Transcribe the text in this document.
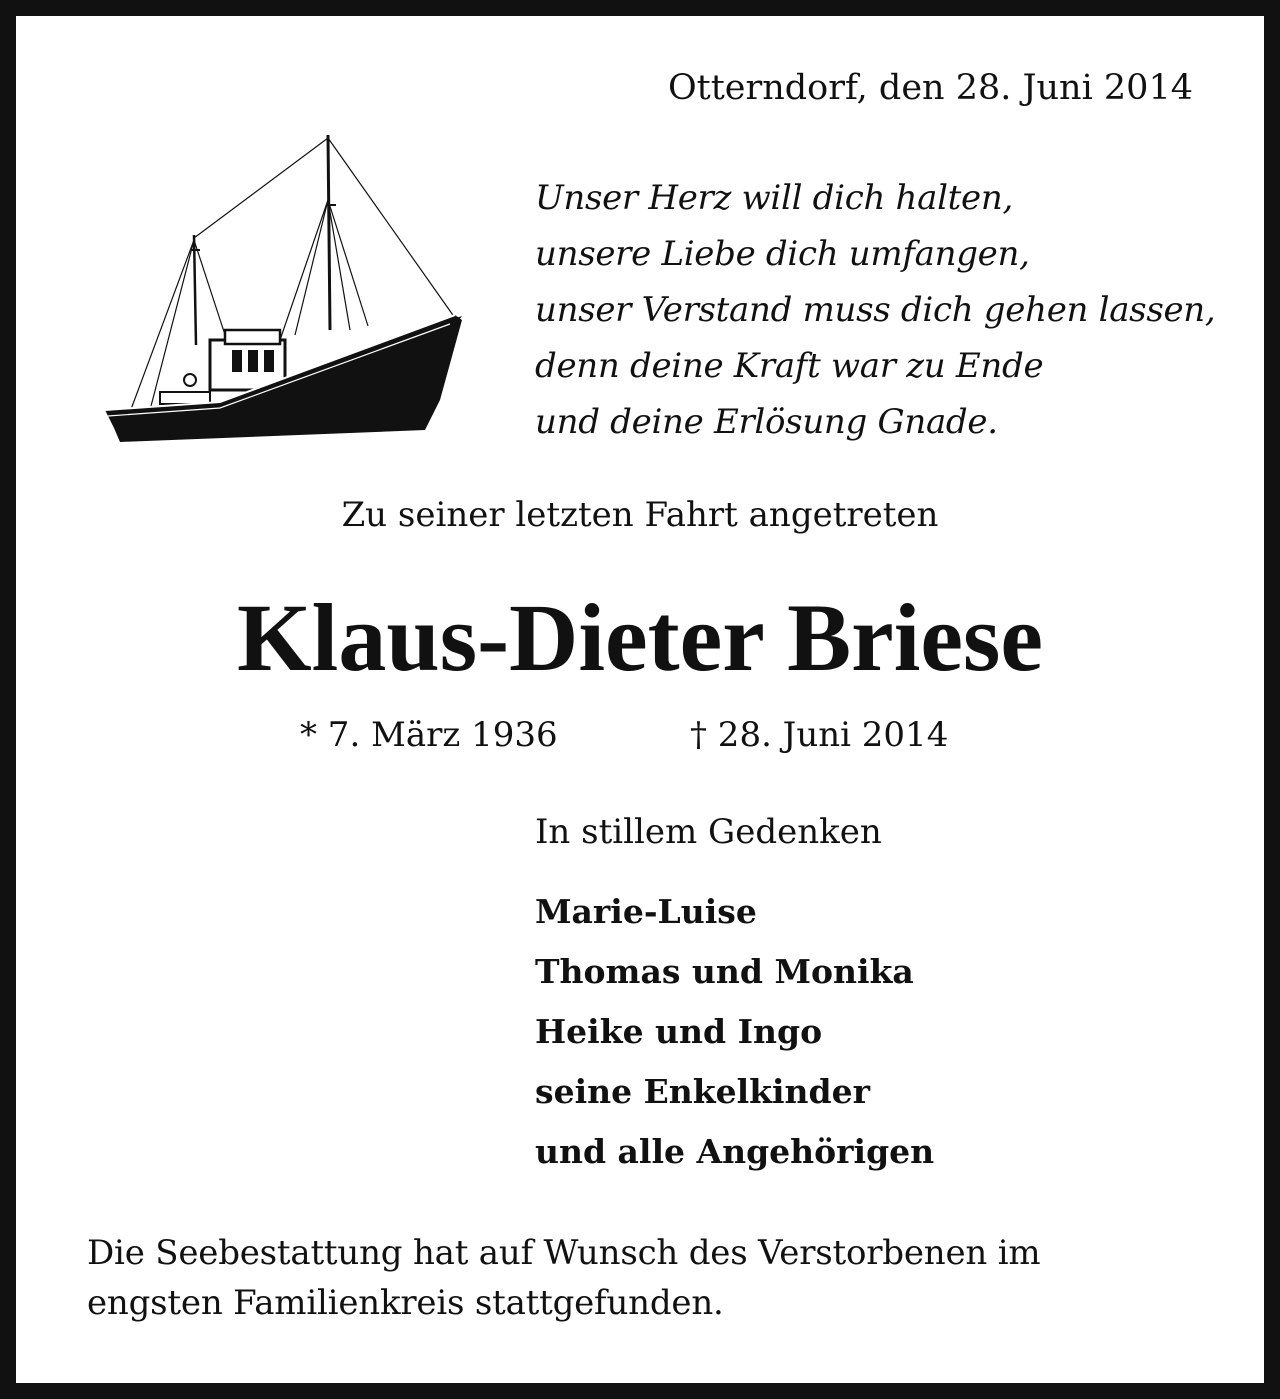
Otterndorf, den 28. Juni 2014
Unser Herz will dich halten,
unsere Liebe dich umfangen,
unser Verstand muss dich gehen lassen,
denn deine Kraft war zu Ende
und deine Erlösung Gnade.
Zu seiner letzten Fahrt angetreten
Klaus-Dieter Briese
* 7. März 1936	† 28. Juni 2014
In stillem Gedenken
Marie-Luise
Thomas und Monika
Heike und Ingo
seine Enkelkinder
und alle Angehörigen
Die Seebestattung hat auf Wunsch des Verstorbenen im
engsten Familienkreis stattgefunden.
